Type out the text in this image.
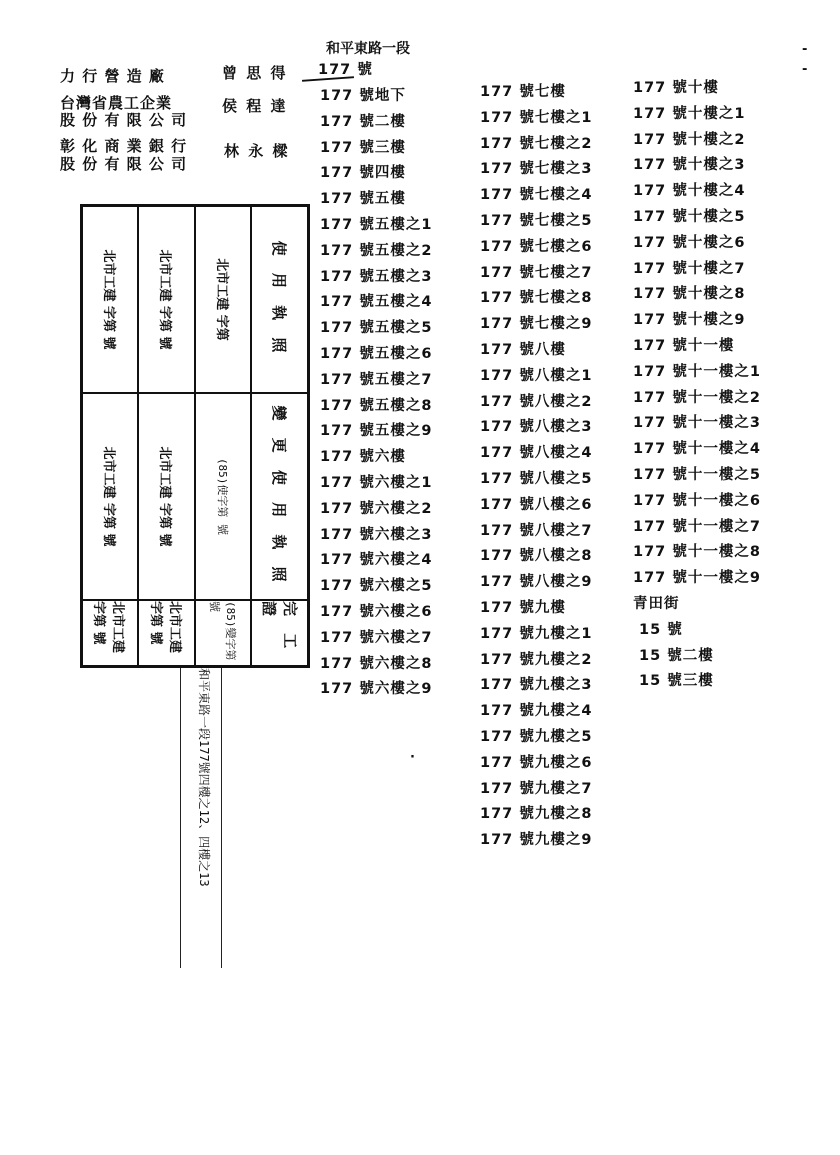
和平東路一段
力 行 營 造 廠	曾 思 得
台灣省農工企業
股 份 有 限 公 司
侯 程 達
彰 化 商 業 銀 行
股 份 有 限 公 司
林 永 樑
177 號
177 號地下
177 號二樓
177 號三樓
177 號四樓
177 號五樓
177 號五樓之1
177 號五樓之2
177 號五樓之3
177 號五樓之4
177 號五樓之5
177 號五樓之6
177 號五樓之7
177 號五樓之8
177 號五樓之9
177 號六樓
177 號六樓之1
177 號六樓之2
177 號六樓之3
177 號六樓之4
177 號六樓之5
177 號六樓之6
177 號六樓之7
177 號六樓之8
177 號六樓之9
177 號七樓
177 號七樓之1
177 號七樓之2
177 號七樓之3
177 號七樓之4
177 號七樓之5
177 號七樓之6
177 號七樓之7
177 號七樓之8
177 號七樓之9
177 號八樓
177 號八樓之1
177 號八樓之2
177 號八樓之3
177 號八樓之4
177 號八樓之5
177 號八樓之6
177 號八樓之7
177 號八樓之8
177 號八樓之9
177 號九樓
177 號九樓之1
177 號九樓之2
177 號九樓之3
177 號九樓之4
177 號九樓之5
177 號九樓之6
177 號九樓之7
177 號九樓之8
177 號九樓之9
177 號十樓
177 號十樓之1
177 號十樓之2
177 號十樓之3
177 號十樓之4
177 號十樓之5
177 號十樓之6
177 號十樓之7
177 號十樓之8
177 號十樓之9
177 號十一樓
177 號十一樓之1
177 號十一樓之2
177 號十一樓之3
177 號十一樓之4
177 號十一樓之5
177 號十一樓之6
177 號十一樓之7
177 號十一樓之8
177 號十一樓之9
青田街
15 號
15 號二樓
15 號三樓
使 用 執 照
變 更 使 用 執 照
完 工 證
北市工建 字第
(85)使字第 號
(85)變字第 號
北市工建 字第 號
北市工建 字第 號
北市工建 字第 號
北市工建 字第 號
北市工建 字第 號
北市工建 字第 號
和平東路一段177號四樓之12、四樓之13
-
-
·
